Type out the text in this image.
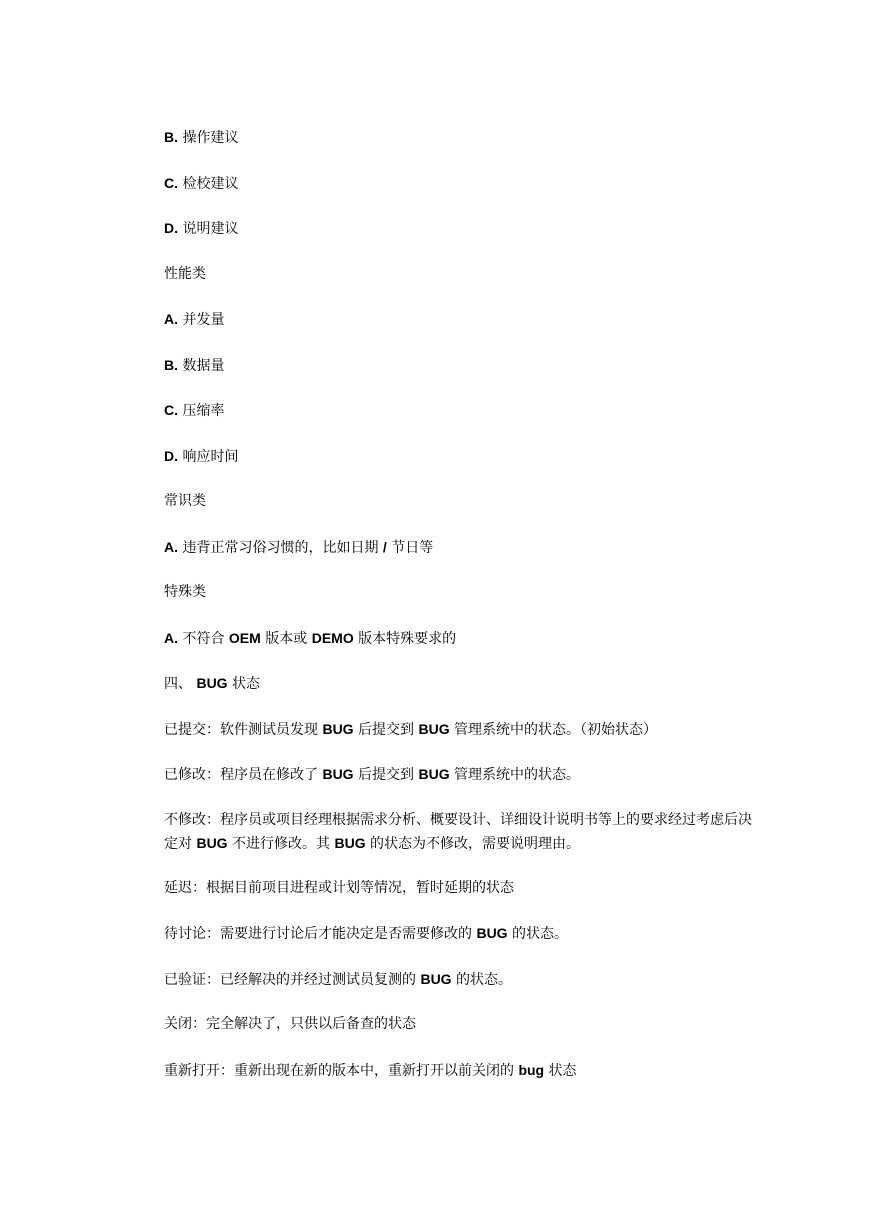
B. 操作建议
C. 检校建议
D. 说明建议
性能类
A. 并发量
B. 数据量
C. 压缩率
D. 响应时间
常识类
A. 违背正常习俗习惯的，比如日期 / 节日等
特殊类
A. 不符合 OEM 版本或 DEMO 版本特殊要求的
四、 BUG 状态
已提交：软件测试员发现 BUG 后提交到 BUG 管理系统中的状态。（初始状态）
已修改：程序员在修改了 BUG 后提交到 BUG 管理系统中的状态。
不修改：程序员或项目经理根据需求分析、概要设计、详细设计说明书等上的要求经过考虑后决定对 BUG 不进行修改。其 BUG 的状态为不修改，需要说明理由。
延迟：根据目前项目进程或计划等情况，暂时延期的状态
待讨论：需要进行讨论后才能决定是否需要修改的 BUG 的状态。
已验证：已经解决的并经过测试员复测的 BUG 的状态。
关闭：完全解决了，只供以后备查的状态
重新打开：重新出现在新的版本中，重新打开以前关闭的 bug 状态
